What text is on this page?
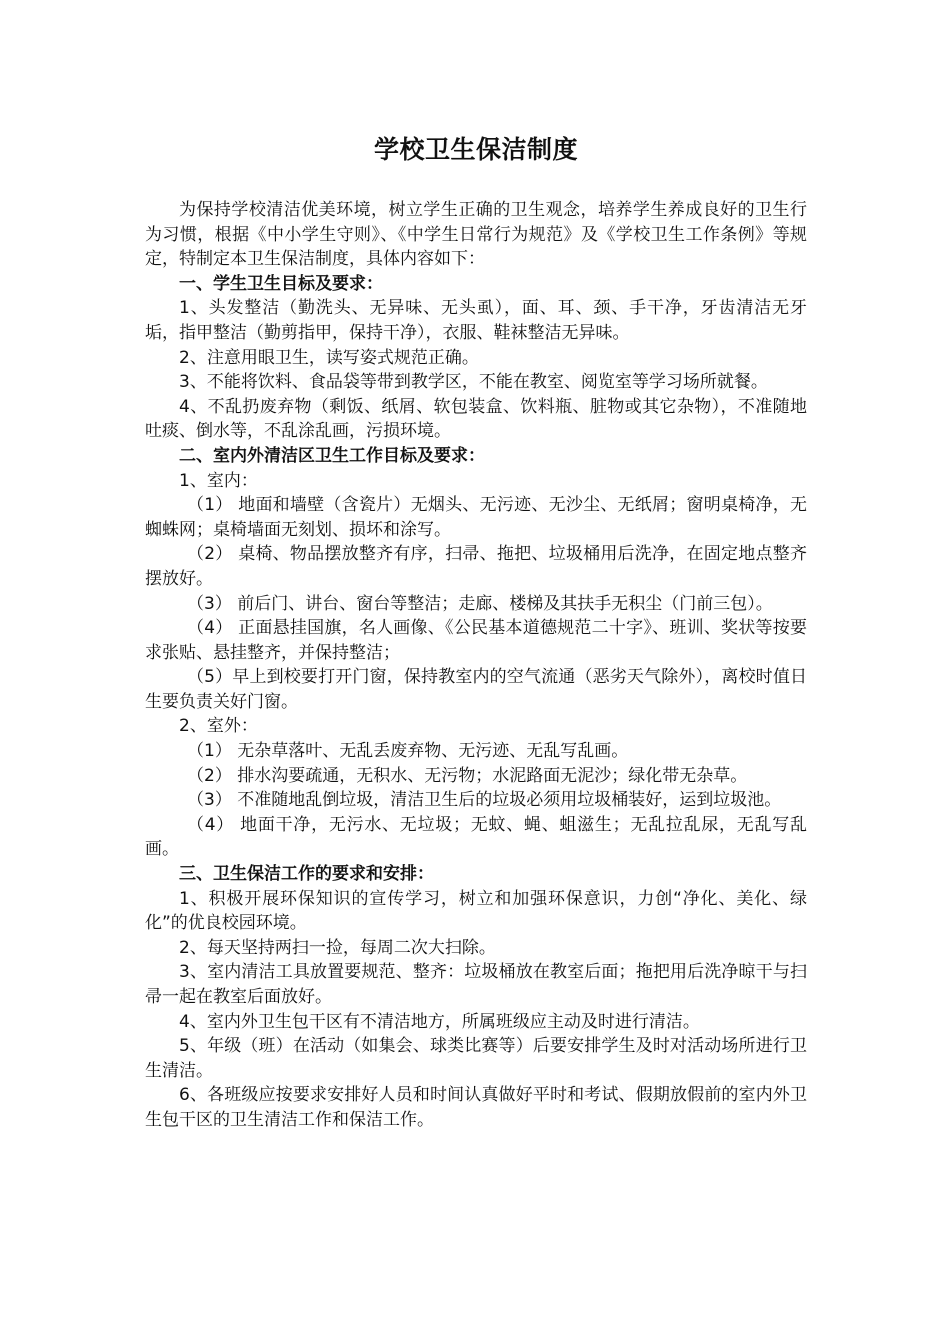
学校卫生保洁制度

为保持学校清洁优美环境，树立学生正确的卫生观念，培养学生养成良好的卫生行为习惯，根据《中小学生守则》、《中学生日常行为规范》及《学校卫生工作条例》等规定，特制定本卫生保洁制度，具体内容如下：

一、学生卫生目标及要求：

1、头发整洁（勤洗头、无异味、无头虱），面、耳、颈、手干净，牙齿清洁无牙垢，指甲整洁（勤剪指甲，保持干净），衣服、鞋袜整洁无异味。

2、注意用眼卫生，读写姿式规范正确。

3、不能将饮料、食品袋等带到教学区，不能在教室、阅览室等学习场所就餐。

4、不乱扔废弃物（剩饭、纸屑、软包装盒、饮料瓶、脏物或其它杂物），不准随地吐痰、倒水等，不乱涂乱画，污损环境。

二、室内外清洁区卫生工作目标及要求：

1、室内：

（1） 地面和墙壁（含瓷片）无烟头、无污迹、无沙尘、无纸屑；窗明桌椅净，无蜘蛛网；桌椅墙面无刻划、损坏和涂写。

（2） 桌椅、物品摆放整齐有序，扫帚、拖把、垃圾桶用后洗净，在固定地点整齐摆放好。

（3） 前后门、讲台、窗台等整洁；走廊、楼梯及其扶手无积尘（门前三包）。

（4） 正面悬挂国旗，名人画像、《公民基本道德规范二十字》、班训、奖状等按要求张贴、悬挂整齐，并保持整洁；

（5）早上到校要打开门窗，保持教室内的空气流通（恶劣天气除外），离校时值日生要负责关好门窗。

2、室外：

（1） 无杂草落叶、无乱丢废弃物、无污迹、无乱写乱画。

（2） 排水沟要疏通，无积水、无污物；水泥路面无泥沙；绿化带无杂草。

（3） 不准随地乱倒垃圾，清洁卫生后的垃圾必须用垃圾桶装好，运到垃圾池。

（4） 地面干净，无污水、无垃圾；无蚊、蝇、蛆滋生；无乱拉乱尿，无乱写乱画。

三、卫生保洁工作的要求和安排：

1、积极开展环保知识的宣传学习，树立和加强环保意识，力创“净化、美化、绿化”的优良校园环境。

2、每天坚持两扫一捡，每周二次大扫除。

3、室内清洁工具放置要规范、整齐：垃圾桶放在教室后面；拖把用后洗净晾干与扫帚一起在教室后面放好。

4、室内外卫生包干区有不清洁地方，所属班级应主动及时进行清洁。

5、年级（班）在活动（如集会、球类比赛等）后要安排学生及时对活动场所进行卫生清洁。

6、各班级应按要求安排好人员和时间认真做好平时和考试、假期放假前的室内外卫生包干区的卫生清洁工作和保洁工作。
